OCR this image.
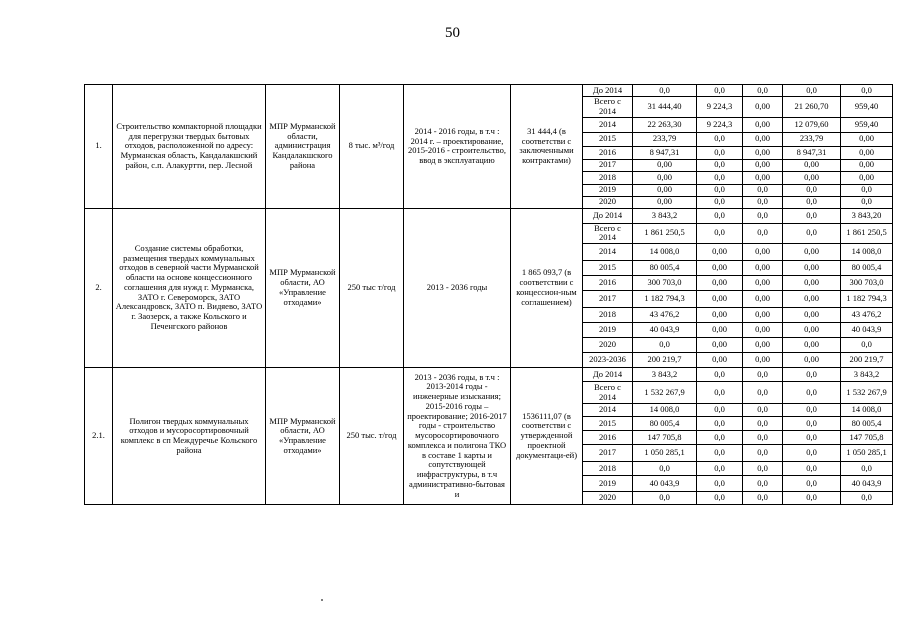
50
1.	Строительство компакторной площадки для перегрузки твердых бытовых отходов, расположенной по адресу: Мурманская область, Кандалакшский район, с.п. Алакуртти, пер. Лесной	МПР Мурманской области, администрация Кандалакшского района	8 тыс. м³/год	2014 - 2016 годы, в т.ч : 2014 г. – проектирование, 2015-2016 - строительство, ввод в эксплуатацию	31 444,4 (в соответстви с заключенными контрактами)	До 2014	0,0	0,0	0,0	0,0	0,0
						Всего с 2014	31 444,40	9 224,3	0,00	21 260,70	959,40
						2014	22 263,30	9 224,3	0,00	12 079,60	959,40
						2015	233,79	0,0	0,00	233,79	0,00
						2016	8 947,31	0,0	0,00	8 947,31	0,00
						2017	0,00	0,0	0,00	0,00	0,00
						2018	0,00	0,0	0,00	0,00	0,00
						2019	0,00	0,0	0,0	0,0	0,0
						2020	0,00	0,0	0,0	0,0	0,0
2.	Создание системы обработки, размещения твердых коммунальных отходов в северной части Мурманской области на основе концессионного соглашения для нужд г. Мурманска, ЗАТО г. Североморск, ЗАТО Александровск, ЗАТО п. Видяево, ЗАТО г. Заозерск, а также Кольского и Печенгского районов	МПР Мурманской области, АО «Управление отходами»	250 тыс т/год	2013 - 2036 годы	1 865 093,7 (в соответствии с концессион-ным соглашением)	До 2014	3 843,2	0,0	0,0	0,0	3 843,20
						Всего с 2014	1 861 250,5	0,0	0,0	0,0	1 861 250,5
						2014	14 008,0	0,00	0,00	0,00	14 008,0
						2015	80 005,4	0,00	0,00	0,00	80 005,4
						2016	300 703,0	0,00	0,00	0,00	300 703,0
						2017	1 182 794,3	0,00	0,00	0,00	1 182 794,3
						2018	43 476,2	0,00	0,00	0,00	43 476,2
						2019	40 043,9	0,00	0,00	0,00	40 043,9
						2020	0,0	0,00	0,00	0,00	0,0
						2023-2036	200 219,7	0,00	0,00	0,00	200 219,7
2.1.	Полигон твердых коммунальных отходов и мусоросортировочный комплекс в сп Междуречье Кольского района	МПР Мурманской области, АО «Управление отходами»	250 тыс. т/год	2013 - 2036 годы, в т.ч : 2013-2014 годы - инженерные изыскания; 2015-2016 годы – проектирование; 2016-2017 годы - строительство мусоросортировочного комплекса и полигона ТКО в составе 1 карты и сопутствующей инфраструктуры, в т.ч административно-бытовая и	1536111,07 (в соответстви с утвержденной проектной документаци-ей)	До 2014	3 843,2	0,0	0,0	0,0	3 843,2
						Всего с 2014	1 532 267,9	0,0	0,0	0,0	1 532 267,9
						2014	14 008,0	0,0	0,0	0,0	14 008,0
						2015	80 005,4	0,0	0,0	0,0	80 005,4
						2016	147 705,8	0,0	0,0	0,0	147 705,8
						2017	1 050 285,1	0,0	0,0	0,0	1 050 285,1
						2018	0,0	0,0	0,0	0,0	0,0
						2019	40 043,9	0,0	0,0	0,0	40 043,9
						2020	0,0	0,0	0,0	0,0	0,0
